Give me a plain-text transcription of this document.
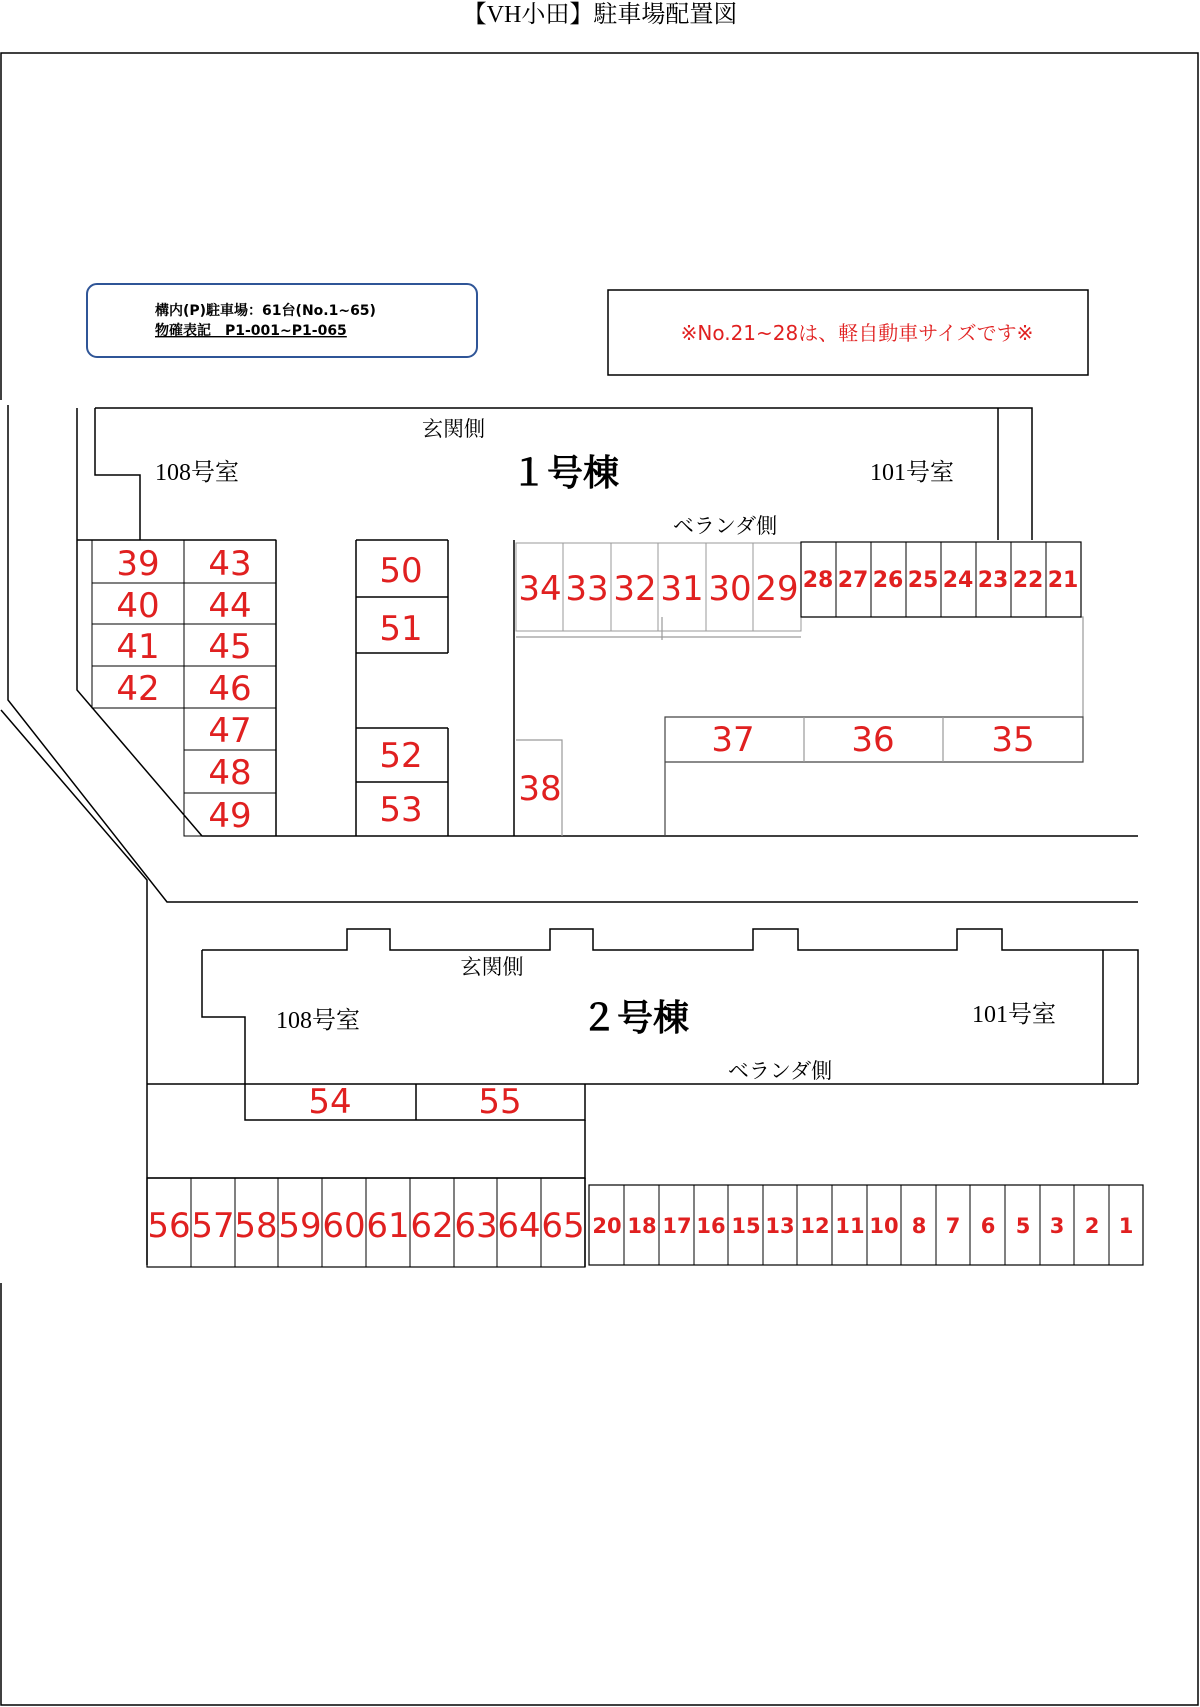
【VH小田】駐車場配置図
構内(P)駐車場：61台(No.1~65)
物確表記　P1-001~P1-065	※No.21~28は、軽自動車サイズです※
玄関側
１号棟
108号室	101号室
ベランダ側
玄関側
２号棟
108号室	101号室
ベランダ側
39
40
41
42
43
44
45
46
47
48
49
50
51
52
53
34 33 32 31 30 29 28 27 26 25 24 23 22 21
37	36	35
38
54	55
56 57 58 59 60 61 62 63 64 65 20 18 17 16 15 13 12 11 10 8 7 6 5 3 2 1
